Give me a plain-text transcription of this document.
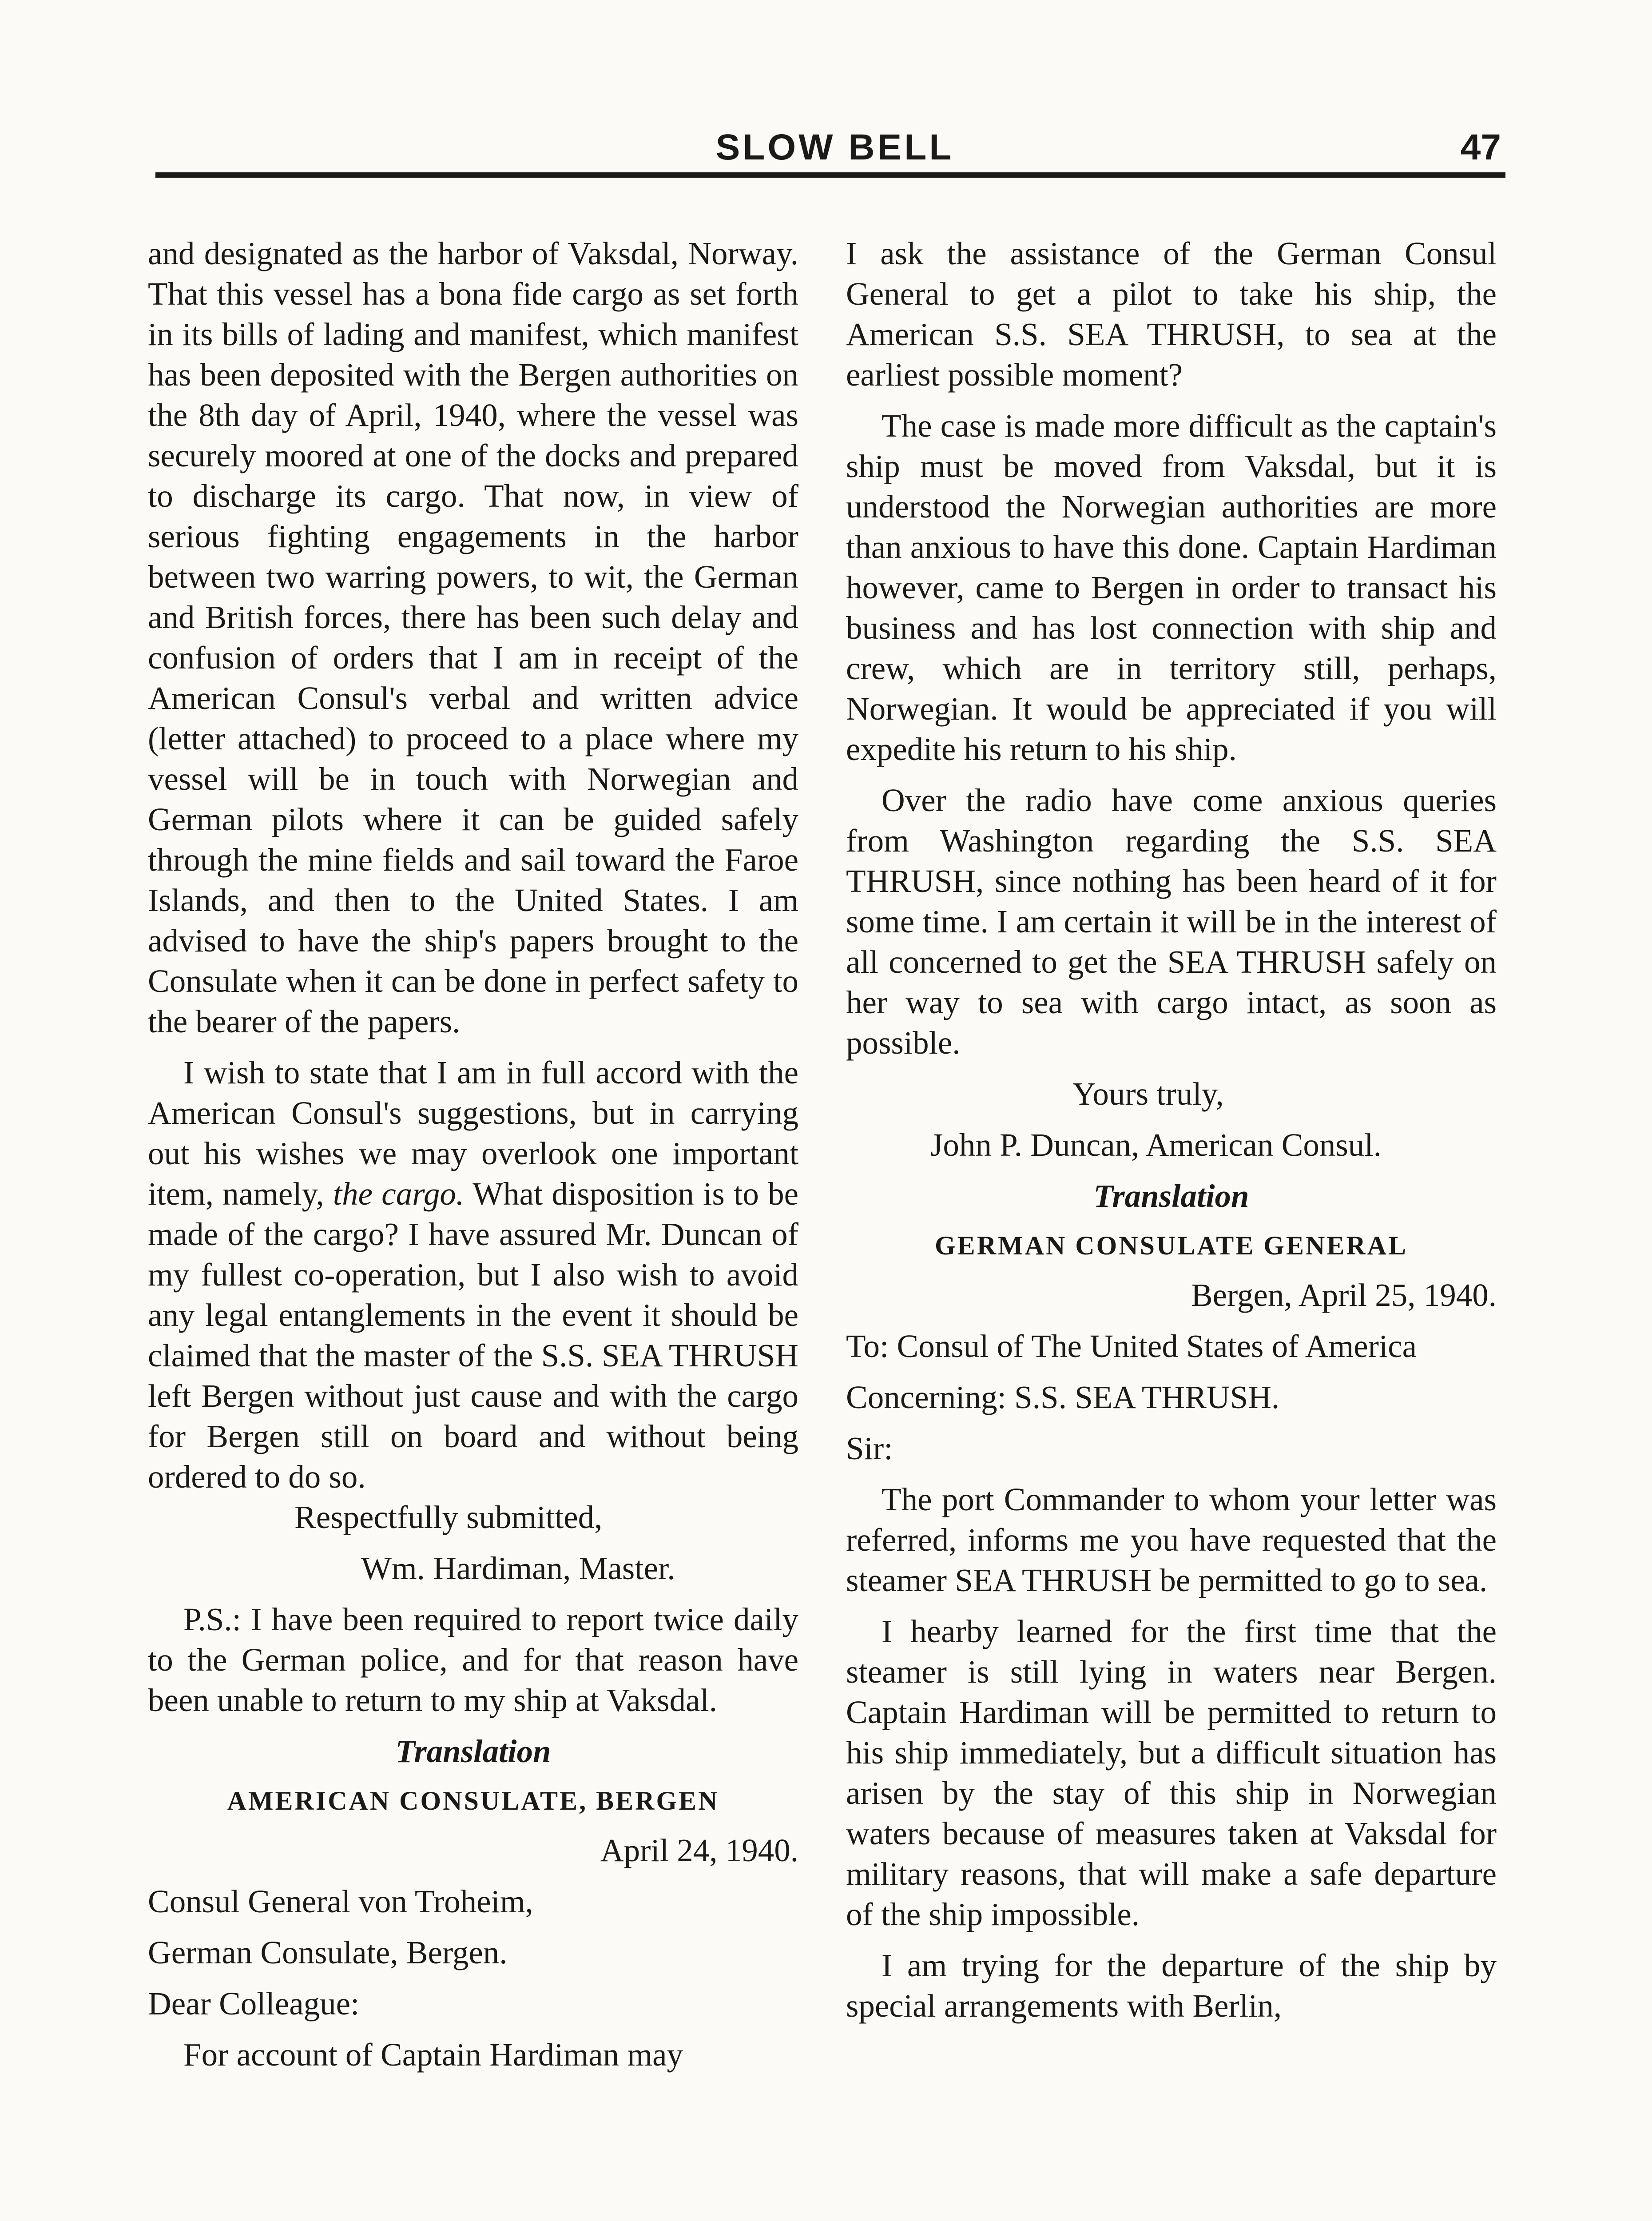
SLOW BELL	47

and designated as the harbor of Vaksdal, Norway. That this vessel has a bona fide cargo as set forth in its bills of lading and manifest, which manifest has been deposited with the Bergen authorities on the 8th day of April, 1940, where the vessel was securely moored at one of the docks and prepared to discharge its cargo. That now, in view of serious fighting engagements in the harbor between two warring powers, to wit, the German and British forces, there has been such delay and confusion of orders that I am in receipt of the American Consul's verbal and written advice (letter attached) to proceed to a place where my vessel will be in touch with Norwegian and German pilots where it can be guided safely through the mine fields and sail toward the Faroe Islands, and then to the United States. I am advised to have the ship's papers brought to the Consulate when it can be done in perfect safety to the bearer of the papers.

I wish to state that I am in full accord with the American Consul's suggestions, but in carrying out his wishes we may overlook one important item, namely, the cargo. What disposition is to be made of the cargo? I have assured Mr. Duncan of my fullest co-operation, but I also wish to avoid any legal entanglements in the event it should be claimed that the master of the S.S. SEA THRUSH left Bergen without just cause and with the cargo for Bergen still on board and without being ordered to do so.

Respectfully submitted,

Wm. Hardiman, Master.

P.S.: I have been required to report twice daily to the German police, and for that reason have been unable to return to my ship at Vaksdal.

Translation

AMERICAN CONSULATE, BERGEN

April 24, 1940.

Consul General von Troheim,

German Consulate, Bergen.

Dear Colleague:

For account of Captain Hardiman may

I ask the assistance of the German Consul General to get a pilot to take his ship, the American S.S. SEA THRUSH, to sea at the earliest possible moment?

The case is made more difficult as the captain's ship must be moved from Vaksdal, but it is understood the Norwegian authorities are more than anxious to have this done. Captain Hardiman however, came to Bergen in order to transact his business and has lost connection with ship and crew, which are in territory still, perhaps, Norwegian. It would be appreciated if you will expedite his return to his ship.

Over the radio have come anxious queries from Washington regarding the S.S. SEA THRUSH, since nothing has been heard of it for some time. I am certain it will be in the interest of all concerned to get the SEA THRUSH safely on her way to sea with cargo intact, as soon as possible.

Yours truly,

John P. Duncan, American Consul.

Translation

GERMAN CONSULATE GENERAL

Bergen, April 25, 1940.

To: Consul of The United States of America

Concerning: S.S. SEA THRUSH.

Sir:

The port Commander to whom your letter was referred, informs me you have requested that the steamer SEA THRUSH be permitted to go to sea.

I hearby learned for the first time that the steamer is still lying in waters near Bergen. Captain Hardiman will be permitted to return to his ship immediately, but a difficult situation has arisen by the stay of this ship in Norwegian waters because of measures taken at Vaksdal for military reasons, that will make a safe departure of the ship impossible.

I am trying for the departure of the ship by special arrangements with Berlin,
